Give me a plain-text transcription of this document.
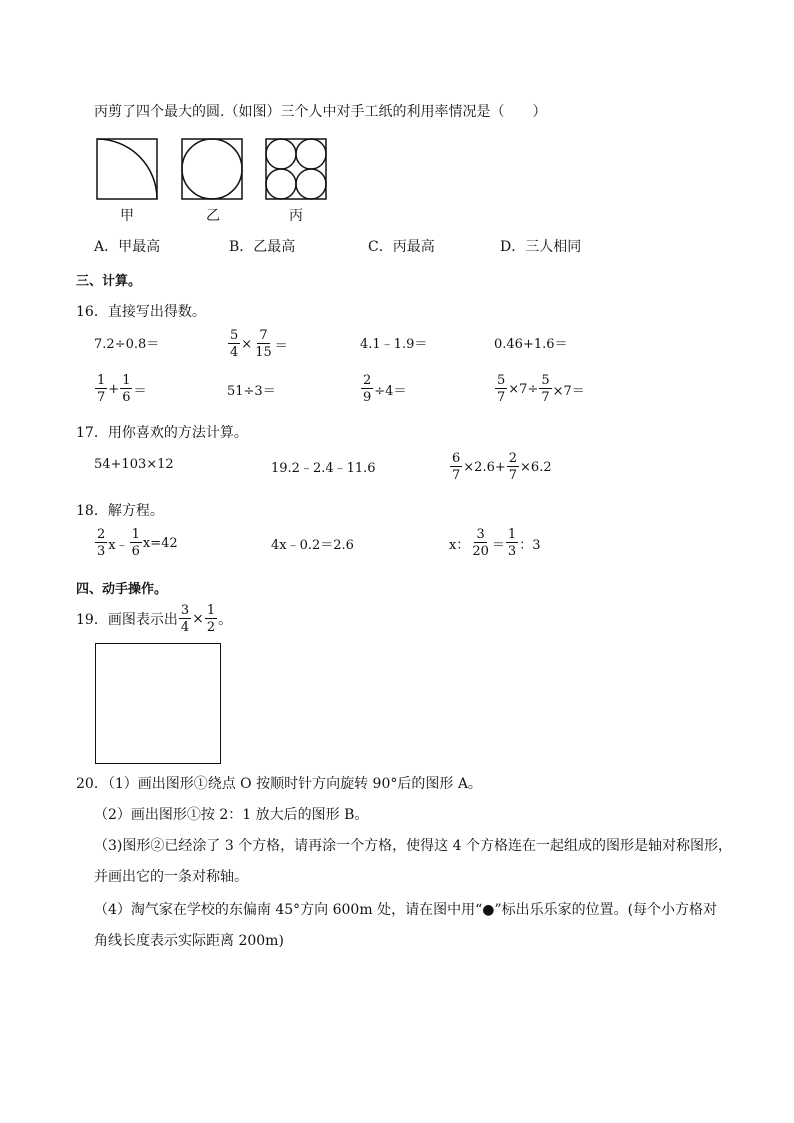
丙剪了四个最大的圆.（如图）三个人中对手工纸的利用率情况是（　　）
甲	乙	丙
A．甲最高	B．乙最高	C．丙最高	D．三人相同
三、计算。
16．直接写出得数。
7.2÷0.8＝	$\frac{5}{4} \times \frac{7}{15}$ ＝	4.1﹣1.9＝	0.46+1.6＝
$\frac{1}{7} + \frac{1}{6}$ ＝	51÷3＝	$\frac{2}{9} \div 4=$	$\frac{5}{7} \times 7\div \frac{5}{7} \times 7=$
17．用你喜欢的方法计算。
54+103×12	19.2﹣2.4﹣11.6	$\frac{6}{7} \times 2.6+ \frac{2}{7} \times 6.2$
18．解方程。
$\frac{2}{3}$ x﹣ $\frac{1}{6} x=42$	4x﹣0.2＝2.6	x： $\frac{3}{20} = \frac{1}{3}$ ：3
四、动手操作。
19．画图表示出 $\frac{3}{4} \times \frac{1}{2}$ 。
20．（1）画出图形①绕点 O 按顺时针方向旋转 90°后的图形 A。
（2）画出图形①按 2：1 放大后的图形 B。
（3)图形②已经涂了 3 个方格，请再涂一个方格，使得这 4 个方格连在一起组成的图形是轴对称图形，
并画出它的一条对称轴。
（4）淘气家在学校的东偏南 45°方向 600m 处，请在图中用“●”标出乐乐家的位置。(每个小方格对
角线长度表示实际距离 200m)
